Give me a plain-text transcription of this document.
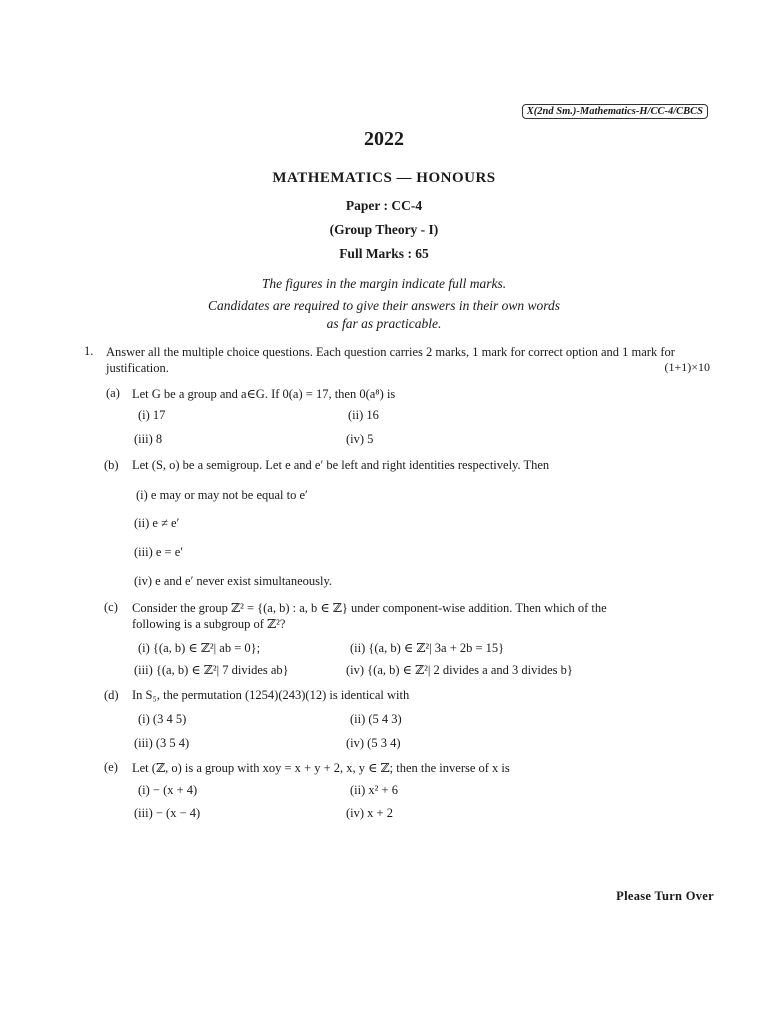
X(2nd Sm.)-Mathematics-H/CC-4/CBCS
2022
MATHEMATICS — HONOURS
Paper : CC-4
(Group Theory - I)
Full Marks : 65
The figures in the margin indicate full marks.
Candidates are required to give their answers in their own words
as far as practicable.
1. Answer all the multiple choice questions. Each question carries 2 marks, 1 mark for correct option and 1 mark for justification.	(1+1)×10
(a) Let G be a group and a∈G. If 0(a) = 17, then 0(a⁸) is
(i) 17	(ii) 16
(iii) 8	(iv) 5
(b) Let (S, o) be a semigroup. Let e and e′ be left and right identities respectively. Then
(i) e may or may not be equal to e′
(ii) e ≠ e′
(iii) e = e′
(iv) e and e′ never exist simultaneously.
(c) Consider the group ℤ² = {(a, b) : a, b ∈ ℤ} under component-wise addition. Then which of the
following is a subgroup of ℤ²?
(i) {(a, b) ∈ ℤ²| ab = 0};	(ii) {(a, b) ∈ ℤ²| 3a + 2b = 15}
(iii) {(a, b) ∈ ℤ²| 7 divides ab}	(iv) {(a, b) ∈ ℤ²| 2 divides a and 3 divides b}
(d) In S₅, the permutation (1254)(243)(12) is identical with
(i) (3 4 5)	(ii) (5 4 3)
(iii) (3 5 4)	(iv) (5 3 4)
(e) Let (ℤ, o) is a group with xoy = x + y + 2, x, y ∈ ℤ; then the inverse of x is
(i) − (x + 4)	(ii) x² + 6
(iii) − (x − 4)	(iv) x + 2
Please Turn Over
